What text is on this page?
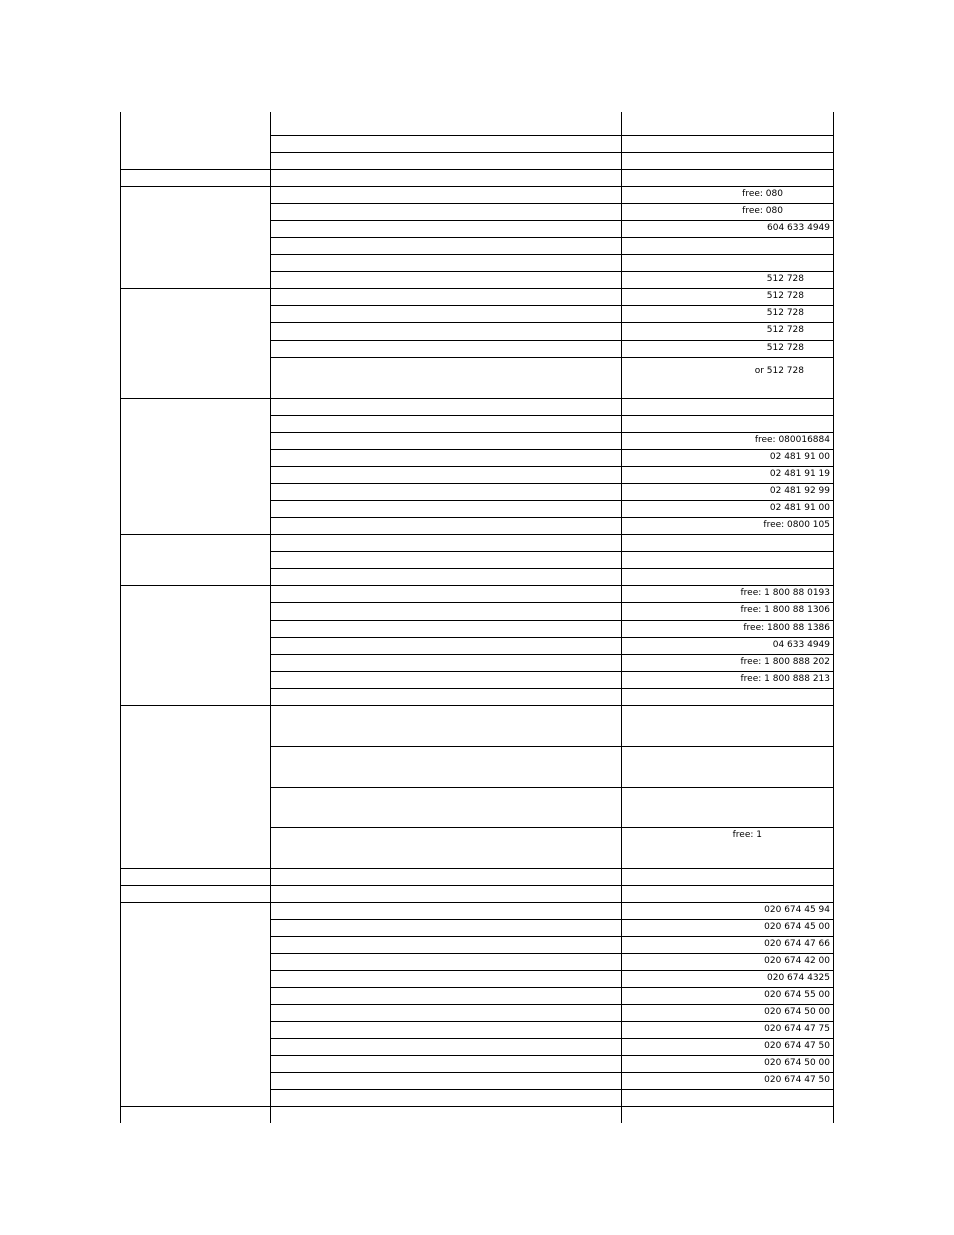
free: 080
free: 080
604 633 4949
512 728
512 728
512 728
512 728
512 728
or 512 728
free: 080016884
02 481 91 00
02 481 91 19
02 481 92 99
02 481 91 00
free: 0800 105
free: 1 800 88 0193
free: 1 800 88 1306
free: 1800 88 1386
04 633 4949
free: 1 800 888 202
free: 1 800 888 213
free: 1
020 674 45 94
020 674 45 00
020 674 47 66
020 674 42 00
020 674 4325
020 674 55 00
020 674 50 00
020 674 47 75
020 674 47 50
020 674 50 00
020 674 47 50
